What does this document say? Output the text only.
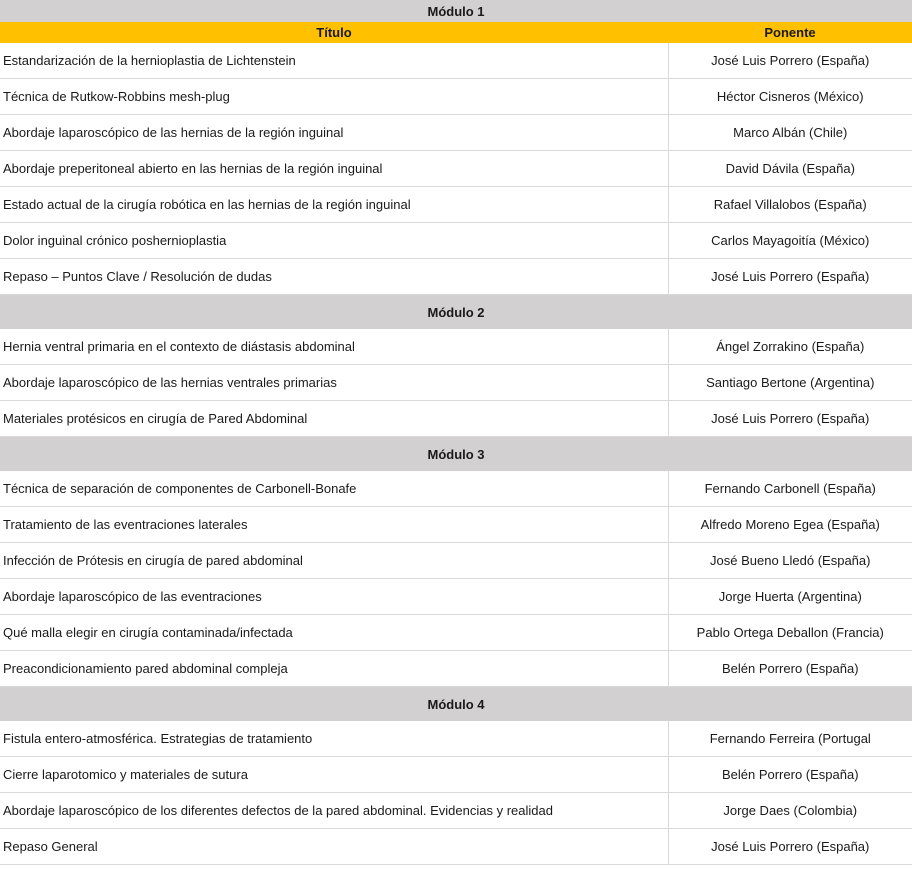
Módulo 1	
Título	Ponente
Estandarización de la hernioplastia de Lichtenstein	José Luis Porrero (España)
Técnica de Rutkow-Robbins mesh-plug	Héctor Cisneros (México)
Abordaje laparoscópico de las hernias de la región inguinal	Marco Albán (Chile)
Abordaje preperitoneal abierto en las hernias de la región inguinal	David Dávila (España)
Estado actual de la cirugía robótica en las hernias de la región inguinal	Rafael Villalobos (España)
Dolor inguinal crónico poshernioplastia	Carlos Mayagoitía (México)
Repaso – Puntos Clave / Resolución de dudas	José Luis Porrero (España)
Módulo 2	
Hernia ventral primaria en el contexto de diástasis abdominal	Ángel Zorrakino (España)
Abordaje laparoscópico de las hernias ventrales primarias	Santiago Bertone (Argentina)
Materiales protésicos en cirugía de Pared Abdominal	José Luis Porrero (España)
Módulo 3	
Técnica de separación de componentes de Carbonell-Bonafe	Fernando Carbonell (España)
Tratamiento de las eventraciones laterales	Alfredo Moreno Egea (España)
Infección de Prótesis en cirugía de pared abdominal	José Bueno Lledó (España)
Abordaje laparoscópico de las eventraciones	Jorge Huerta (Argentina)
Qué malla elegir en cirugía contaminada/infectada	Pablo Ortega Deballon (Francia)
Preacondicionamiento pared abdominal compleja	Belén Porrero (España)
Módulo 4	
Fistula entero-atmosférica. Estrategias de tratamiento	Fernando Ferreira (Portugal
Cierre laparotomico y materiales de sutura	Belén Porrero (España)
Abordaje laparoscópico de los diferentes defectos de la pared abdominal. Evidencias y realidad	Jorge Daes (Colombia)
Repaso General	José Luis Porrero (España)
